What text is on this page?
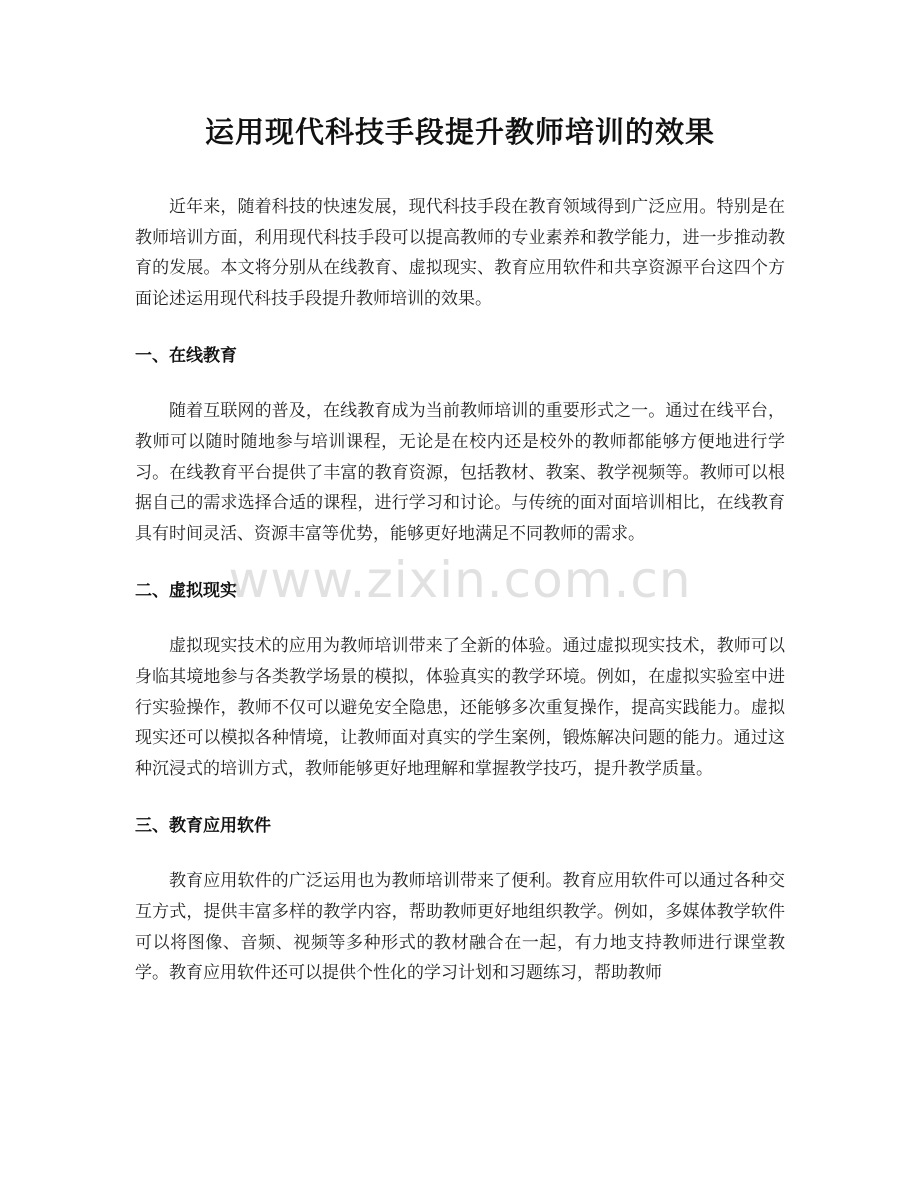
运用现代科技手段提升教师培训的效果

近年来，随着科技的快速发展，现代科技手段在教育领域得到广泛应用。特别是在教师培训方面，利用现代科技手段可以提高教师的专业素养和教学能力，进一步推动教育的发展。本文将分别从在线教育、虚拟现实、教育应用软件和共享资源平台这四个方面论述运用现代科技手段提升教师培训的效果。

一、在线教育

随着互联网的普及，在线教育成为当前教师培训的重要形式之一。通过在线平台，教师可以随时随地参与培训课程，无论是在校内还是校外的教师都能够方便地进行学习。在线教育平台提供了丰富的教育资源，包括教材、教案、教学视频等。教师可以根据自己的需求选择合适的课程，进行学习和讨论。与传统的面对面培训相比，在线教育具有时间灵活、资源丰富等优势，能够更好地满足不同教师的需求。

二、虚拟现实

虚拟现实技术的应用为教师培训带来了全新的体验。通过虚拟现实技术，教师可以身临其境地参与各类教学场景的模拟，体验真实的教学环境。例如，在虚拟实验室中进行实验操作，教师不仅可以避免安全隐患，还能够多次重复操作，提高实践能力。虚拟现实还可以模拟各种情境，让教师面对真实的学生案例，锻炼解决问题的能力。通过这种沉浸式的培训方式，教师能够更好地理解和掌握教学技巧，提升教学质量。

三、教育应用软件

教育应用软件的广泛运用也为教师培训带来了便利。教育应用软件可以通过各种交互方式，提供丰富多样的教学内容，帮助教师更好地组织教学。例如，多媒体教学软件可以将图像、音频、视频等多种形式的教材融合在一起，有力地支持教师进行课堂教学。教育应用软件还可以提供个性化的学习计划和习题练习，帮助教师

www.zixin.com.cn
